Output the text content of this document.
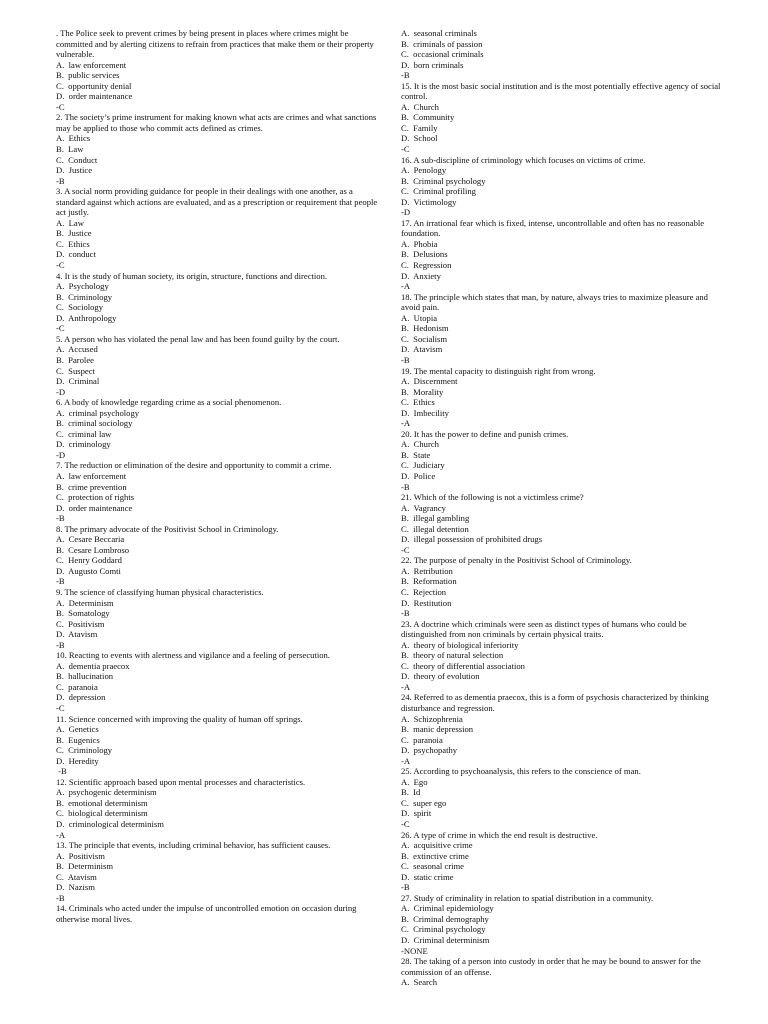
. The Police seek to prevent crimes by being present in places where crimes might be committed and by alerting citizens to refrain from practices that make them or their property vulnerable.
A.  law enforcement
B.  public services
C.  opportunity denial
D.  order maintenance
-C
2. The society’s prime instrument for making known what acts are crimes and what sanctions may be applied to those who commit acts defined as crimes.
A.  Ethics
B.  Law
C.  Conduct
D.  Justice
-B
3. A social norm providing guidance for people in their dealings with one another, as a standard against which actions are evaluated, and as a prescription or requirement that people act justly.
A.  Law
B.  Justice
C.  Ethics
D.  conduct
-C
4. It is the study of human society, its origin, structure, functions and direction.
A.  Psychology
B.  Criminology
C.  Sociology
D.  Anthropology
-C
5. A person who has violated the penal law and has been found guilty by the court.
A.  Accused
B.  Parolee
C.  Suspect
D.  Criminal
-D
6. A body of knowledge regarding crime as a social phenomenon.
A.  criminal psychology
B.  criminal sociology
C.  criminal law
D.  criminology
-D
7. The reduction or elimination of the desire and opportunity to commit a crime.
A.  law enforcement
B.  crime prevention
C.  protection of rights
D.  order maintenance
-B
8. The primary advocate of the Positivist School in Criminology.
A.  Cesare Beccaria
B.  Cesare Lombroso
C.  Henry Goddard
D.  Augusto Comti
-B
9. The science of classifying human physical characteristics.
A.  Determinism
B.  Somatology
C.  Positivism
D.  Atavism
-B
10. Reacting to events with alertness and vigilance and a feeling of persecution.
A.  dementia praecox
B.  hallucination
C.  paranoia
D.  depression
-C
11. Science concerned with improving the quality of human off springs.
A.  Genetics
B.  Eugenics
C.  Criminology
D.  Heredity
-B
12. Scientific approach based upon mental processes and characteristics.
A.  psychogenic determinism
B.  emotional determinism
C.  biological determinism
D.  criminological determinism
-A
13. The principle that events, including criminal behavior, has sufficient causes.
A.  Positivism
B.  Determinism
C.  Atavism
D.  Nazism
-B
14. Criminals who acted under the impulse of uncontrolled emotion on occasion during otherwise moral lives.
A.  seasonal criminals
B.  criminals of passion
C.  occasional criminals
D.  born criminals
-B
15. It is the most basic social institution and is the most potentially effective agency of social control.
A.  Church
B.  Community
C.  Family
D.  School
-C
16. A sub-discipline of criminology which focuses on victims of crime.
A.  Penology
B.  Criminal psychology
C.  Criminal profiling
D.  Victimology
-D
17. An irrational fear which is fixed, intense, uncontrollable and often has no reasonable foundation.
A.  Phobia
B.  Delusions
C.  Regression
D.  Anxiety
-A
18. The principle which states that man, by nature, always tries to maximize pleasure and avoid pain.
A.  Utopia
B.  Hedonism
C.  Socialism
D.  Atavism
-B
19. The mental capacity to distinguish right from wrong.
A.  Discernment
B.  Morality
C.  Ethics
D.  Imbecility
-A
20. It has the power to define and punish crimes.
A.  Church
B.  State
C.  Judiciary
D.  Police
-B
21. Which of the following is not a victimless crime?
A.  Vagrancy
B.  illegal gambling
C.  illegal detention
D.  illegal possession of prohibited drugs
-C
22. The purpose of penalty in the Positivist School of Criminology.
A.  Retribution
B.  Reformation
C.  Rejection
D.  Restitution
-B
23. A doctrine which criminals were seen as distinct types of humans who could be distinguished from non criminals by certain physical traits.
A.  theory of biological inferiority
B.  theory of natural selection
C.  theory of differential association
D.  theory of evolution
-A
24. Referred to as dementia praecox, this is a form of psychosis characterized by thinking disturbance and regression.
A.  Schizophrenia
B.  manic depression
C.  paranoia
D.  psychopathy
-A
25. According to psychoanalysis, this refers to the conscience of man.
A.  Ego
B.  Id
C.  super ego
D.  spirit
-C
26. A type of crime in which the end result is destructive.
A.  acquisitive crime
B.  extinctive crime
C.  seasonal crime
D.  static crime
-B
27. Study of criminality in relation to spatial distribution in a community.
A.  Criminal epidemiology
B.  Criminal demography
C.  Criminal psychology
D.  Criminal determinism
-NONE
28. The taking of a person into custody in order that he may be bound to answer for the commission of an offense.
A.  Search
